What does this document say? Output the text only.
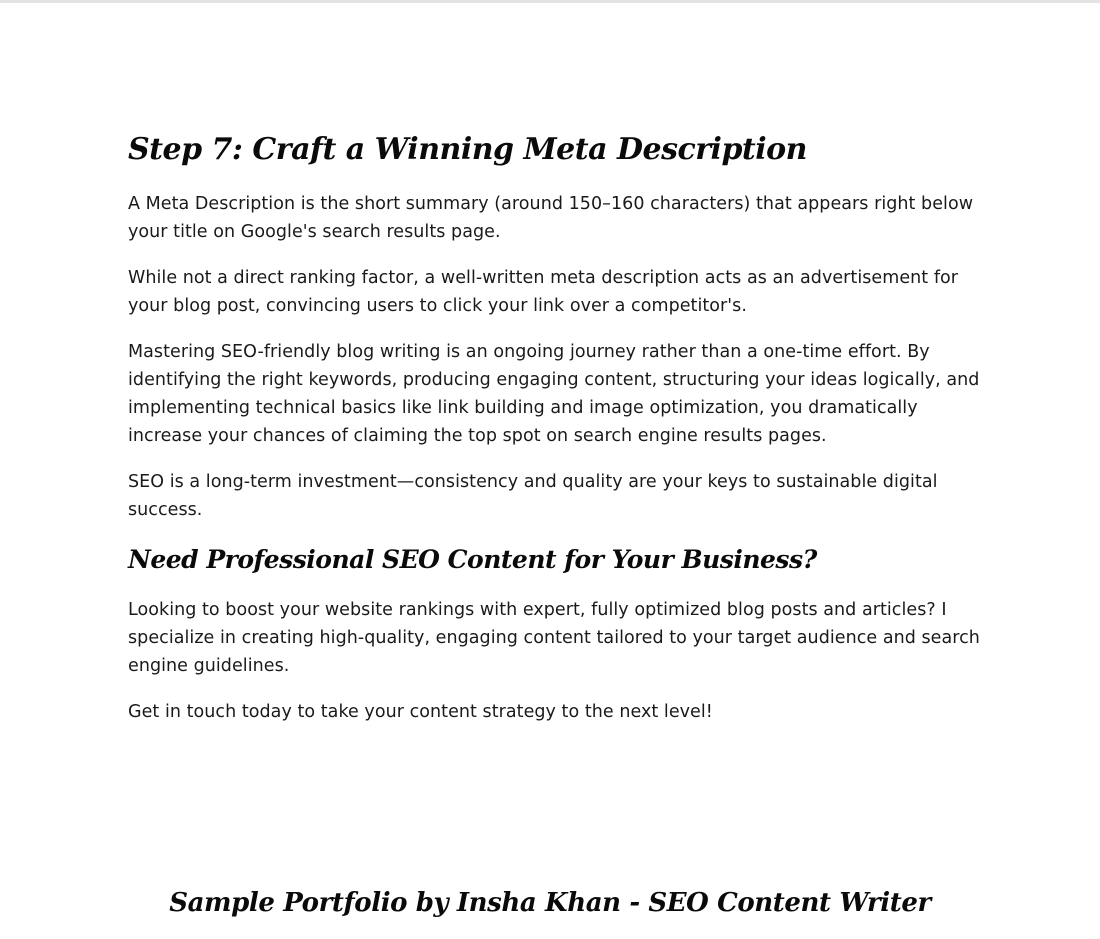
Step 7: Craft a Winning Meta Description

A Meta Description is the short summary (around 150–160 characters) that appears right below your title on Google's search results page.

While not a direct ranking factor, a well-written meta description acts as an advertisement for your blog post, convincing users to click your link over a competitor's.

Mastering SEO-friendly blog writing is an ongoing journey rather than a one-time effort. By identifying the right keywords, producing engaging content, structuring your ideas logically, and implementing technical basics like link building and image optimization, you dramatically increase your chances of claiming the top spot on search engine results pages.

SEO is a long-term investment—consistency and quality are your keys to sustainable digital success.

Need Professional SEO Content for Your Business?

Looking to boost your website rankings with expert, fully optimized blog posts and articles? I specialize in creating high-quality, engaging content tailored to your target audience and search engine guidelines.

Get in touch today to take your content strategy to the next level!

Sample Portfolio by Insha Khan - SEO Content Writer
